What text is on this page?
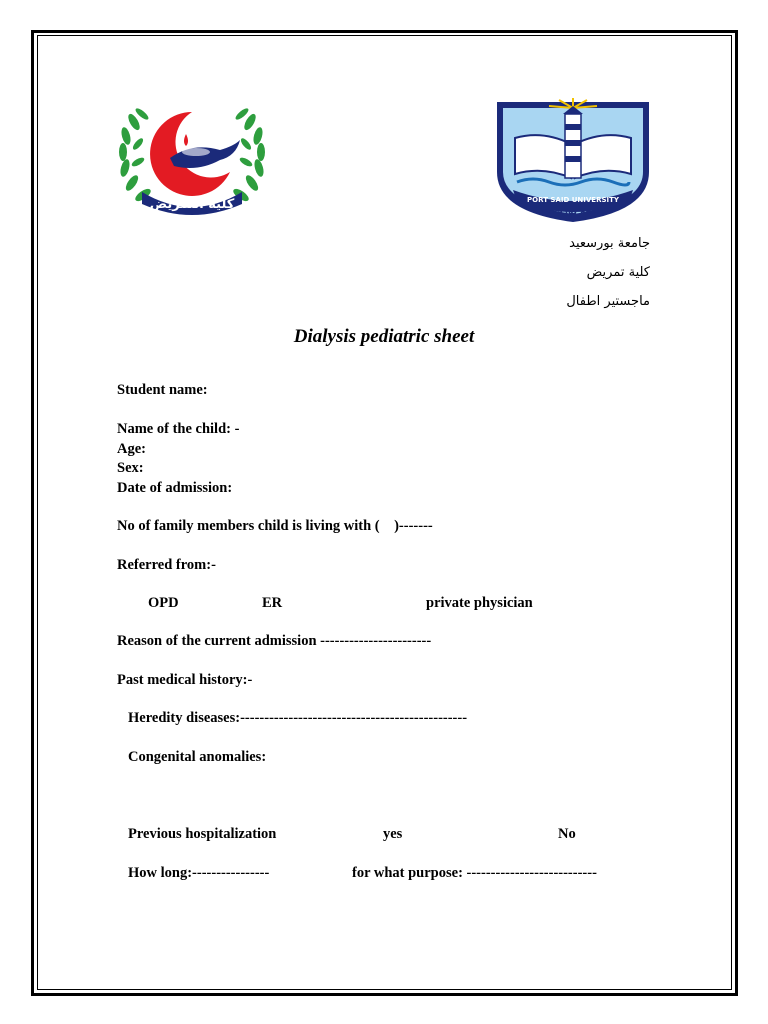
كلية التمريض	PORT SAID UNIVERSITY
جامعة بورسعيد
جامعة بورسعيد
كلية تمريض
ماجستير اطفال
Dialysis pediatric sheet
Student name:
Name of the child: -
Age:
Sex:
Date of admission:
No of family members child is living with (    )-------
Referred from:-
OPD	ER	private physician
Reason of the current admission -----------------------
Past medical history:-
Heredity diseases:-----------------------------------------------
Congenital anomalies:
Previous hospitalization	yes	No
How long:----------------	for what purpose: ---------------------------
